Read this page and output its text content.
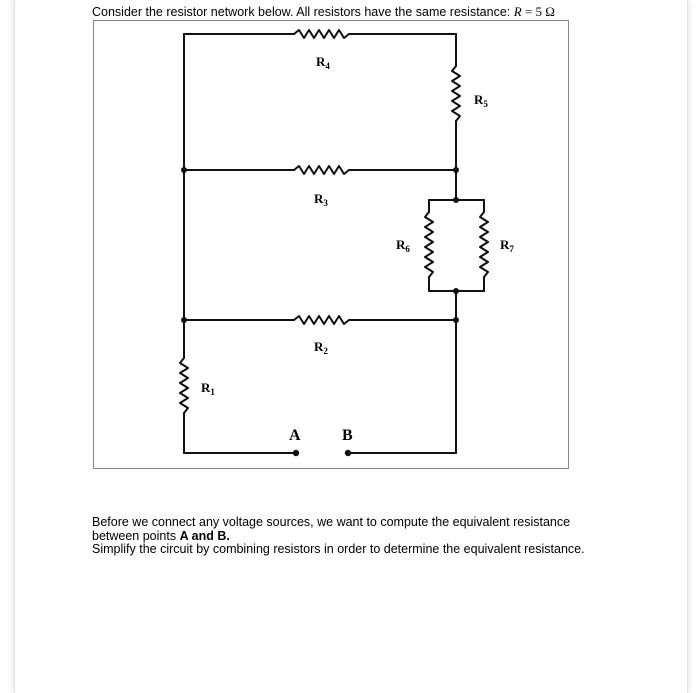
Consider the resistor network below. All resistors have the same resistance: R = 5 Ω
$R_4$
$R_5$
$R_3$
$R_6$	$R_7$
$R_2$
$R_1$
A	B

Before we connect any voltage sources, we want to compute the equivalent resistance between points A and B.

Simplify the circuit by combining resistors in order to determine the equivalent resistance.
